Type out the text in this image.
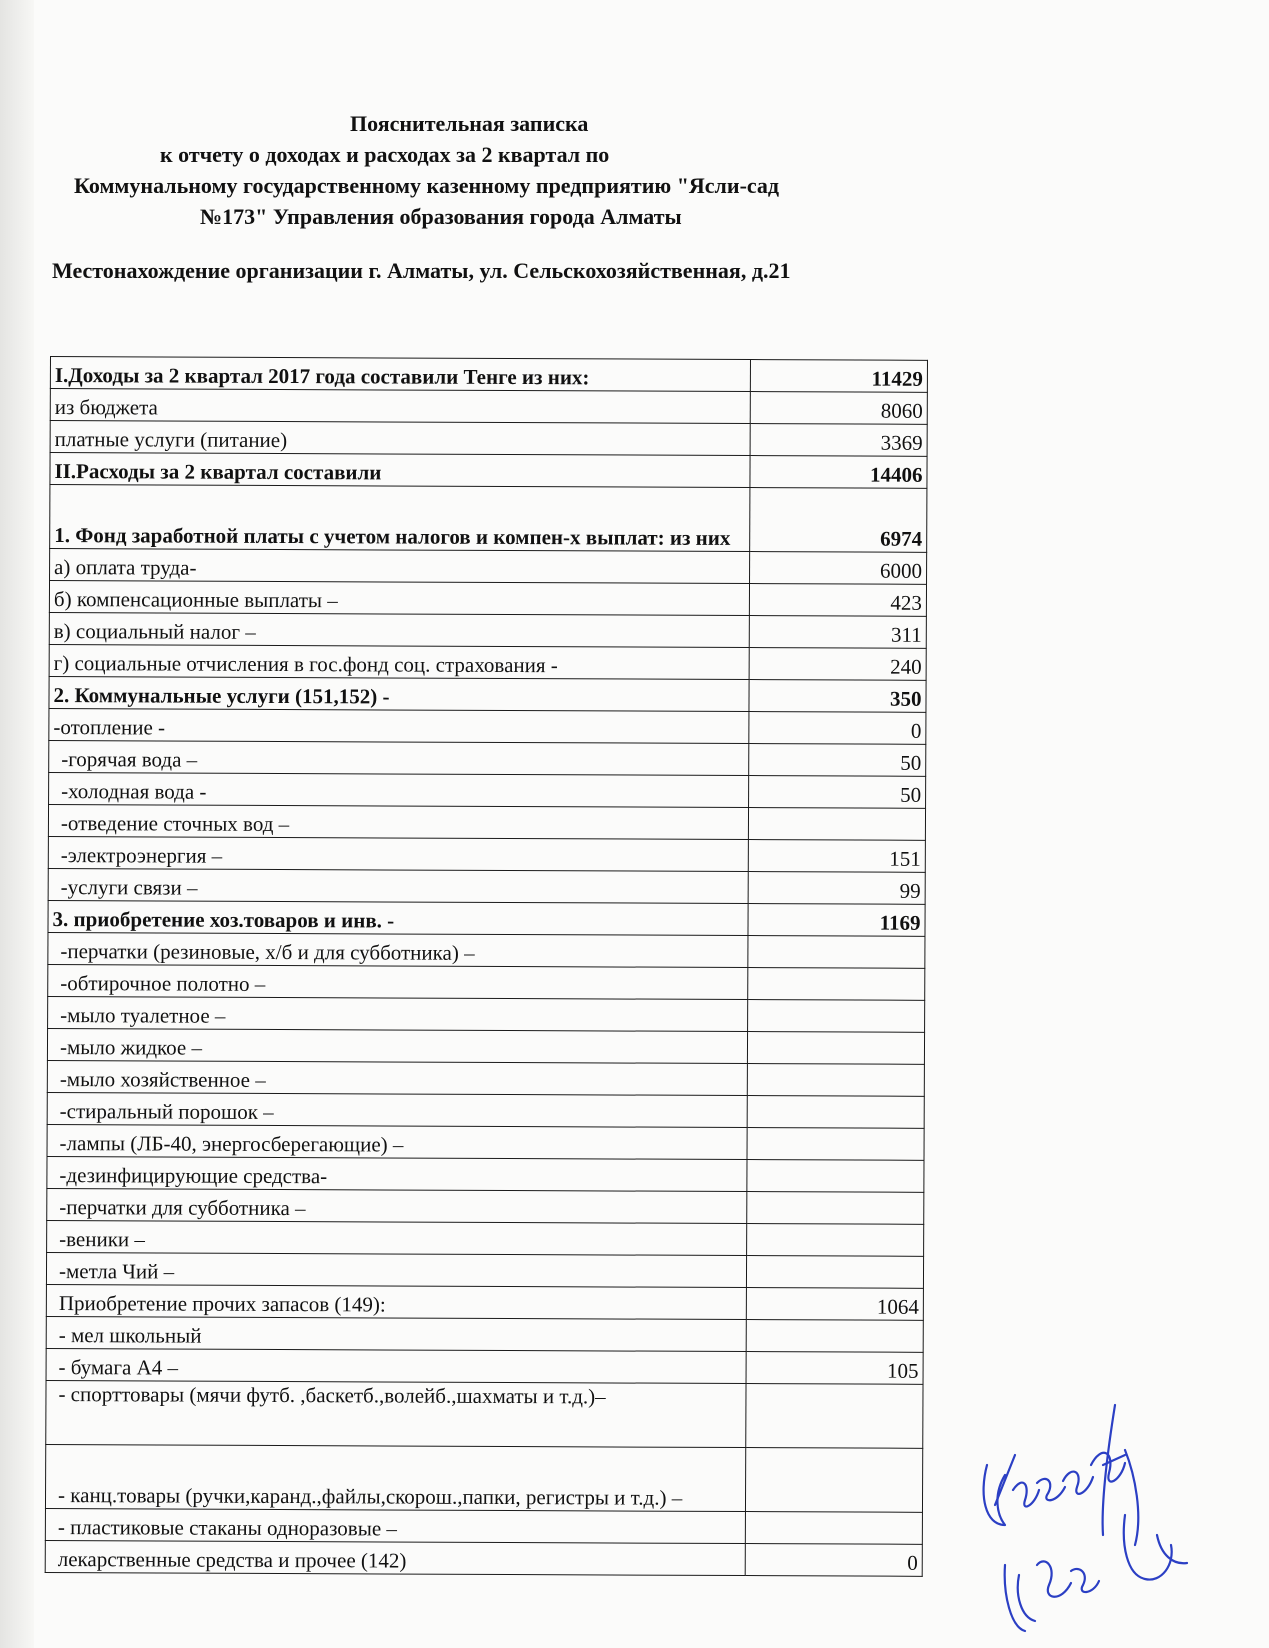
Пояснительная записка
к отчету о доходах и расходах за 2 квартал по
Коммунальному государственному казенному предприятию "Ясли-сад
№173" Управления образования города Алматы
Местонахождение организации г. Алматы, ул. Сельскохозяйственная, д.21
I.Доходы за 2 квартал 2017 года составили Тенге из них:	11429
из бюджета	8060
платные услуги (питание)	3369
II.Расходы за 2 квартал составили	14406
1. Фонд заработной платы с учетом налогов и компен-х выплат: из них	6974
а) оплата труда-	6000
б) компенсационные выплаты –	423
в) социальный налог –	311
г) социальные отчисления в гос.фонд соц. страхования -	240
2. Коммунальные услуги (151,152) -	350
-отопление -	0
-горячая вода –	50
-холодная вода -	50
-отведение сточных вод –	
-электроэнергия –	151
-услуги связи –	99
3. приобретение хоз.товаров и инв. -	1169
-перчатки (резиновые, х/б и для субботника) –	
-обтирочное полотно –	
-мыло туалетное –	
-мыло жидкое –	
-мыло хозяйственное –	
-стиральный порошок –	
-лампы (ЛБ-40, энергосберегающие) –	
-дезинфицирующие средства-	
-перчатки для субботника –	
-веники –	
-метла Чий –	
Приобретение прочих запасов (149):	1064
- мел школьный	
- бумага А4 –	105
- спорттовары (мячи футб. ,баскетб.,волейб.,шахматы и т.д.)–	
- канц.товары (ручки,каранд.,файлы,скорош.,папки, регистры и т.д.) –	
- пластиковые стаканы одноразовые –	
лекарственные средства и прочее (142)	0
